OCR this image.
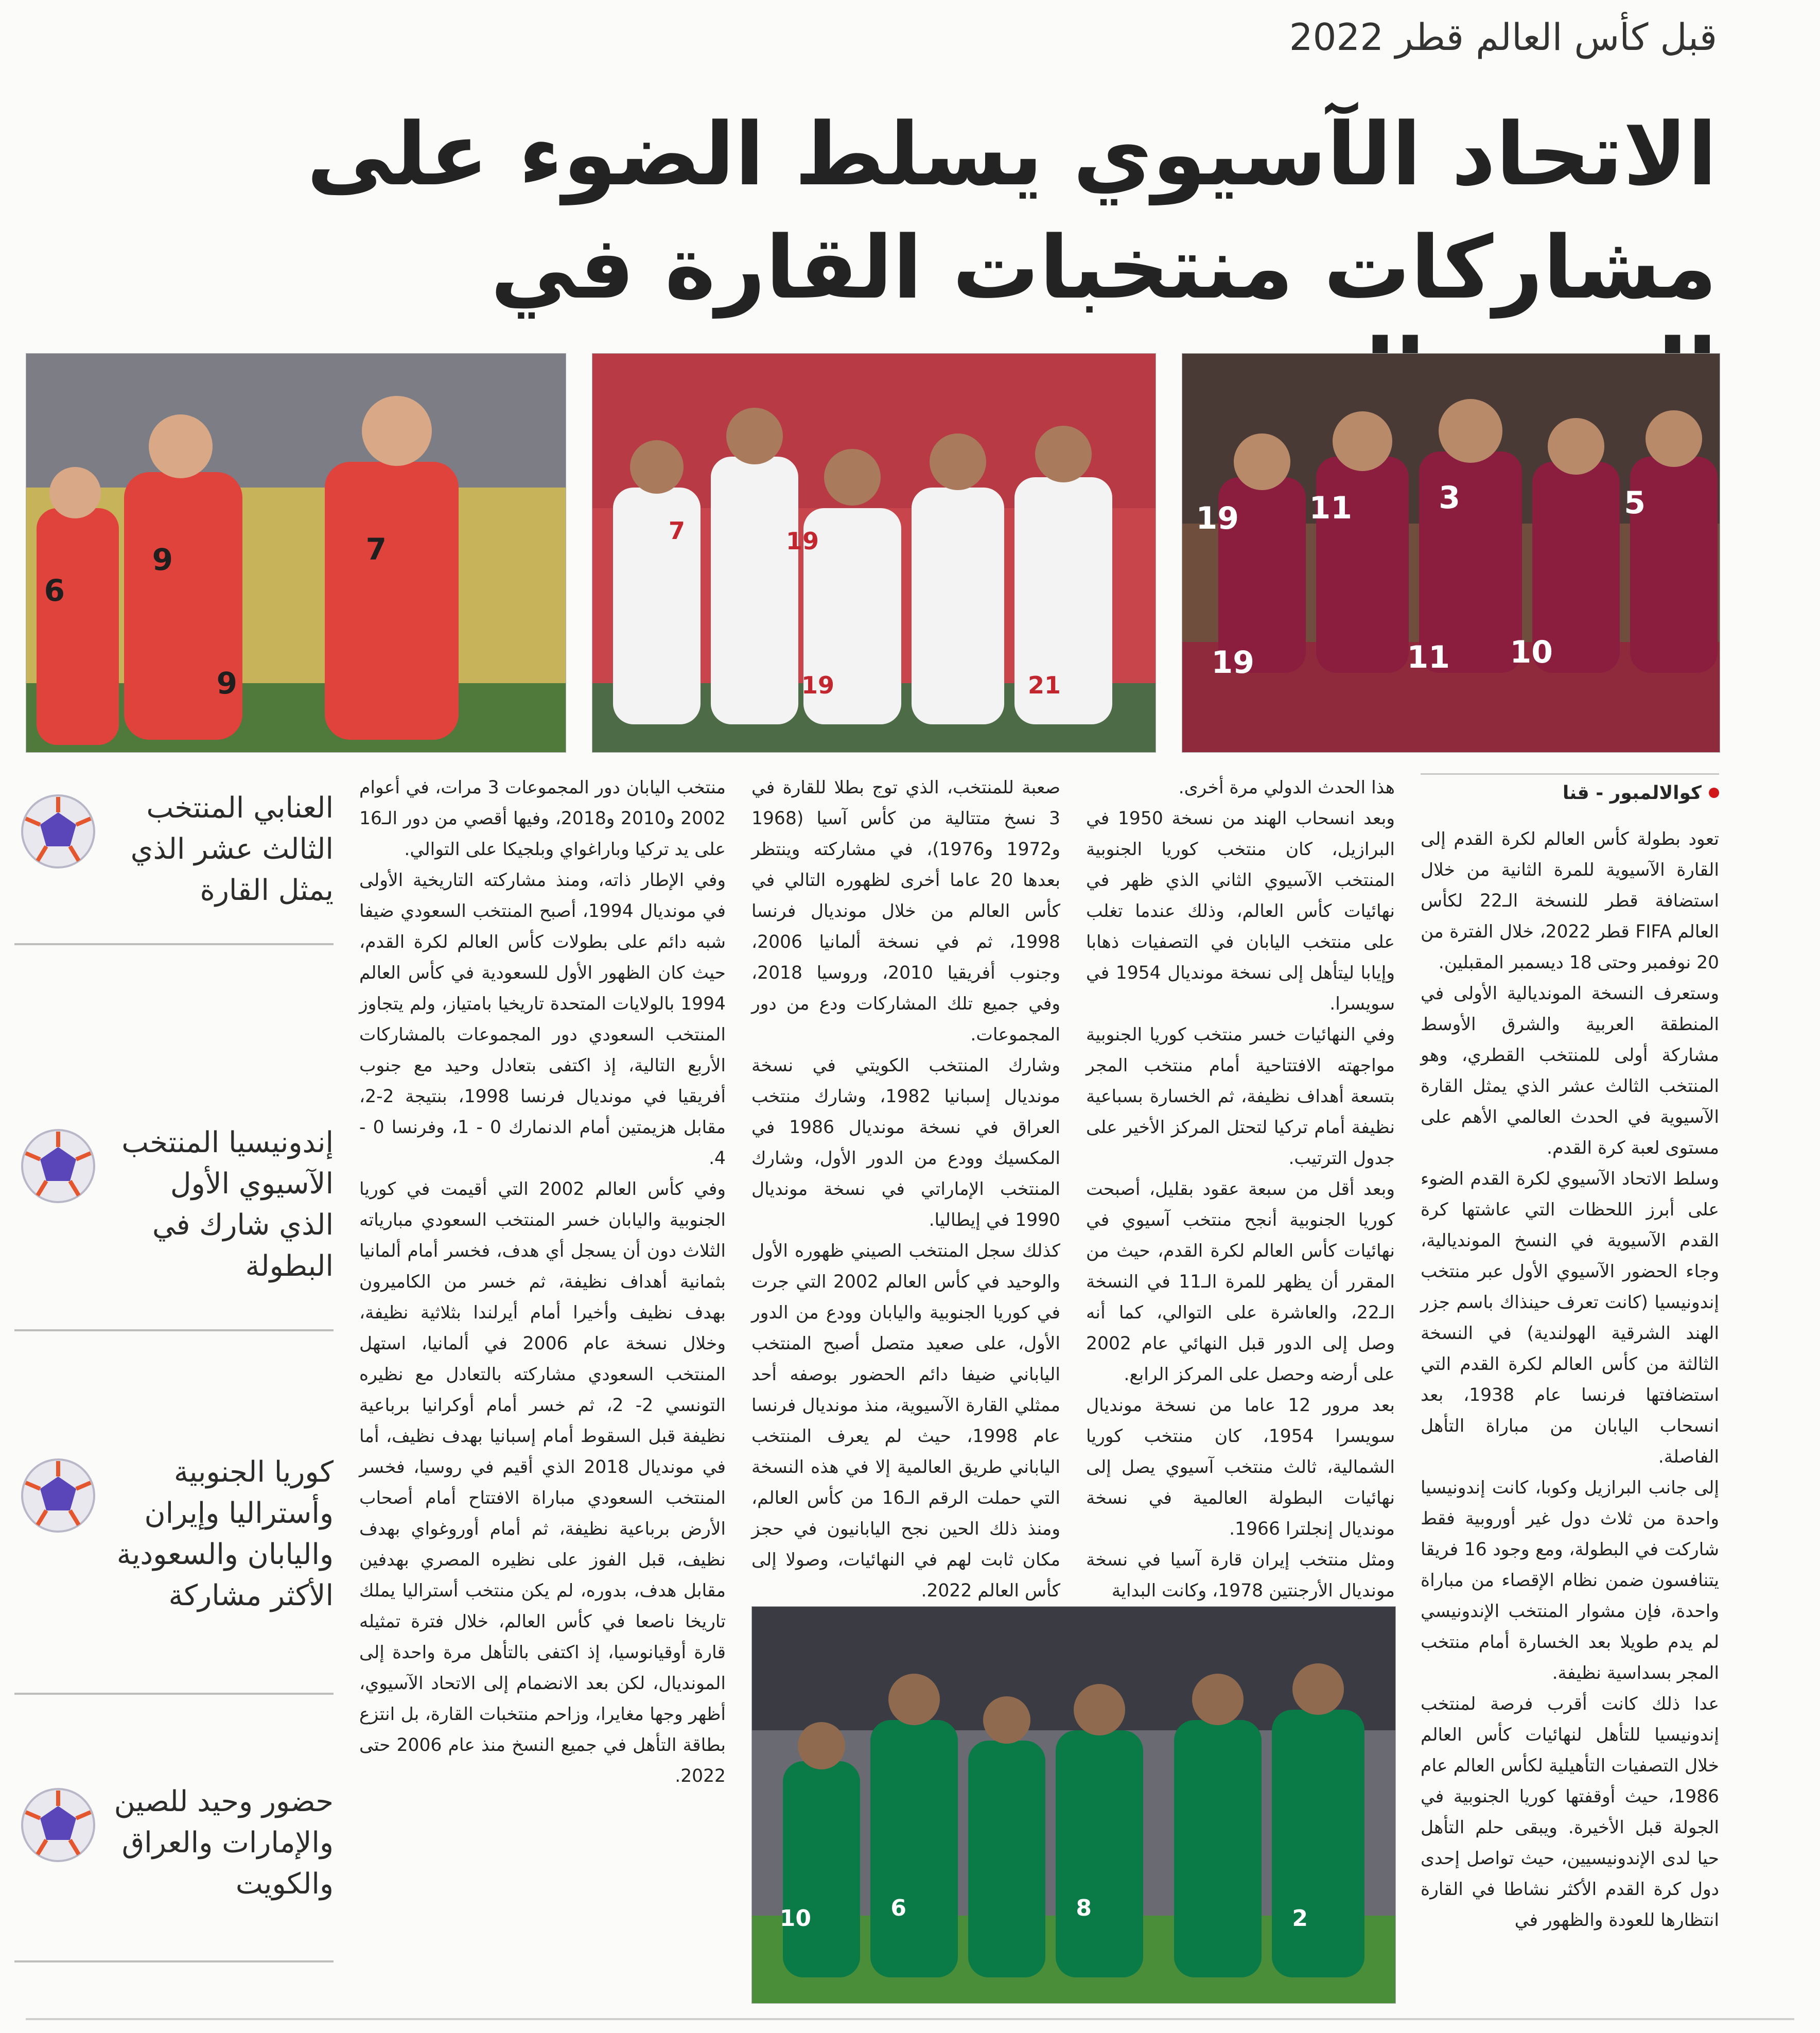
قبل كأس العالم قطر 2022
الاتحاد الآسيوي يسلط الضوء على
مشاركات منتخبات القارة في
19 11	3	5
10
11
19
7	19
21
19
6
9	7
9
كوالالمبور - قنا

تعود بطولة كأس العالم لكرة القدم إلى القارة الآسيوية للمرة الثانية من خلال استضافة قطر للنسخة الـ22 لكأس العالم FIFA قطر 2022، خلال الفترة من 20 نوفمبر وحتى 18 ديسمبر المقبلين.

وستعرف النسخة المونديالية الأولى في المنطقة العربية والشرق الأوسط مشاركة أولى للمنتخب القطري، وهو المنتخب الثالث عشر الذي يمثل القارة الآسيوية في الحدث العالمي الأهم على مستوى لعبة كرة القدم.

وسلط الاتحاد الآسيوي لكرة القدم الضوء على أبرز اللحظات التي عاشتها كرة القدم الآسيوية في النسخ المونديالية، وجاء الحضور الآسيوي الأول عبر منتخب إندونيسيا (كانت تعرف حينذاك باسم جزر الهند الشرقية الهولندية) في النسخة الثالثة من كأس العالم لكرة القدم التي استضافتها فرنسا عام 1938، بعد انسحاب اليابان من مباراة التأهل الفاصلة.

إلى جانب البرازيل وكوبا، كانت إندونيسيا واحدة من ثلاث دول غير أوروبية فقط شاركت في البطولة، ومع وجود 16 فريقا يتنافسون ضمن نظام الإقصاء من مباراة واحدة، فإن مشوار المنتخب الإندونيسي لم يدم طويلا بعد الخسارة أمام منتخب المجر بسداسية نظيفة.

عدا ذلك كانت أقرب فرصة لمنتخب إندونيسيا للتأهل لنهائيات كأس العالم خلال التصفيات التأهيلية لكأس العالم عام 1986، حيث أوقفتها كوريا الجنوبية في الجولة قبل الأخيرة. ويبقى حلم التأهل حيا لدى الإندونيسيين، حيث تواصل إحدى دول كرة القدم الأكثر نشاطا في القارة انتظارها للعودة والظهور في

هذا الحدث الدولي مرة أخرى.

وبعد انسحاب الهند من نسخة 1950 في البرازيل، كان منتخب كوريا الجنوبية المنتخب الآسيوي الثاني الذي ظهر في نهائيات كأس العالم، وذلك عندما تغلب على منتخب اليابان في التصفيات ذهابا وإيابا ليتأهل إلى نسخة مونديال 1954 في سويسرا.

وفي النهائيات خسر منتخب كوريا الجنوبية مواجهته الافتتاحية أمام منتخب المجر بتسعة أهداف نظيفة، ثم الخسارة بسباعية نظيفة أمام تركيا لتحتل المركز الأخير على جدول الترتيب.

وبعد أقل من سبعة عقود بقليل، أصبحت كوريا الجنوبية أنجح منتخب آسيوي في نهائيات كأس العالم لكرة القدم، حيث من المقرر أن يظهر للمرة الـ11 في النسخة الـ22، والعاشرة على التوالي، كما أنه وصل إلى الدور قبل النهائي عام 2002 على أرضه وحصل على المركز الرابع.

بعد مرور 12 عاما من نسخة مونديال سويسرا 1954، كان منتخب كوريا الشمالية، ثالث منتخب آسيوي يصل إلى نهائيات البطولة العالمية في نسخة مونديال إنجلترا 1966.

ومثل منتخب إيران قارة آسيا في نسخة مونديال الأرجنتين 1978، وكانت البداية

صعبة للمنتخب، الذي توج بطلا للقارة في 3 نسخ متتالية من كأس آسيا (1968 و1972 و1976)، في مشاركته وينتظر بعدها 20 عاما أخرى لظهوره التالي في كأس العالم من خلال مونديال فرنسا 1998، ثم في نسخة ألمانيا 2006، وجنوب أفريقيا 2010، وروسيا 2018، وفي جميع تلك المشاركات ودع من دور المجموعات.

وشارك المنتخب الكويتي في نسخة مونديال إسبانيا 1982، وشارك منتخب العراق في نسخة مونديال 1986 في المكسيك وودع من الدور الأول، وشارك المنتخب الإماراتي في نسخة مونديال 1990 في إيطاليا.

كذلك سجل المنتخب الصيني ظهوره الأول والوحيد في كأس العالم 2002 التي جرت في كوريا الجنوبية واليابان وودع من الدور الأول، على صعيد متصل أصبح المنتخب الياباني ضيفا دائم الحضور بوصفه أحد ممثلي القارة الآسيوية، منذ مونديال فرنسا عام 1998، حيث لم يعرف المنتخب الياباني طريق العالمية إلا في هذه النسخة التي حملت الرقم الـ16 من كأس العالم، ومنذ ذلك الحين نجح اليابانيون في حجز مكان ثابت لهم في النهائيات، وصولا إلى كأس العالم 2022.

10	6	8	2

منتخب اليابان دور المجموعات 3 مرات، في أعوام 2002 و2010 و2018، وفيها أقصي من دور الـ16 على يد تركيا وباراغواي وبلجيكا على التوالي.

وفي الإطار ذاته، ومنذ مشاركته التاريخية الأولى في مونديال 1994، أصبح المنتخب السعودي ضيفا شبه دائم على بطولات كأس العالم لكرة القدم، حيث كان الظهور الأول للسعودية في كأس العالم 1994 بالولايات المتحدة تاريخيا بامتياز، ولم يتجاوز المنتخب السعودي دور المجموعات بالمشاركات الأربع التالية، إذ اكتفى بتعادل وحيد مع جنوب أفريقيا في مونديال فرنسا 1998، بنتيجة 2-2، مقابل هزيمتين أمام الدنمارك 0 - 1، وفرنسا 0 - 4.

وفي كأس العالم 2002 التي أقيمت في كوريا الجنوبية واليابان خسر المنتخب السعودي مبارياته الثلاث دون أن يسجل أي هدف، فخسر أمام ألمانيا بثمانية أهداف نظيفة، ثم خسر من الكاميرون بهدف نظيف وأخيرا أمام أيرلندا بثلاثية نظيفة، وخلال نسخة عام 2006 في ألمانيا، استهل المنتخب السعودي مشاركته بالتعادل مع نظيره التونسي 2- 2، ثم خسر أمام أوكرانيا برباعية نظيفة قبل السقوط أمام إسبانيا بهدف نظيف، أما في مونديال 2018 الذي أقيم في روسيا، فخسر المنتخب السعودي مباراة الافتتاح أمام أصحاب الأرض برباعية نظيفة، ثم أمام أوروغواي بهدف نظيف، قبل الفوز على نظيره المصري بهدفين مقابل هدف، بدوره، لم يكن منتخب أستراليا يملك تاريخا ناصعا في كأس العالم، خلال فترة تمثيله قارة أوقيانوسيا، إذ اكتفى بالتأهل مرة واحدة إلى المونديال، لكن بعد الانضمام إلى الاتحاد الآسيوي، أظهر وجها مغايرا، وزاحم منتخبات القارة، بل انتزع بطاقة التأهل في جميع النسخ منذ عام 2006 حتى 2022.

العنابي المنتخب الثالث عشر الذي يمثل القارة
إندونيسيا المنتخب الآسيوي الأول الذي شارك في البطولة
كوريا الجنوبية وأستراليا وإيران واليابان والسعودية الأكثر مشاركة
حضور وحيد للصين والإمارات والعراق والكويت
